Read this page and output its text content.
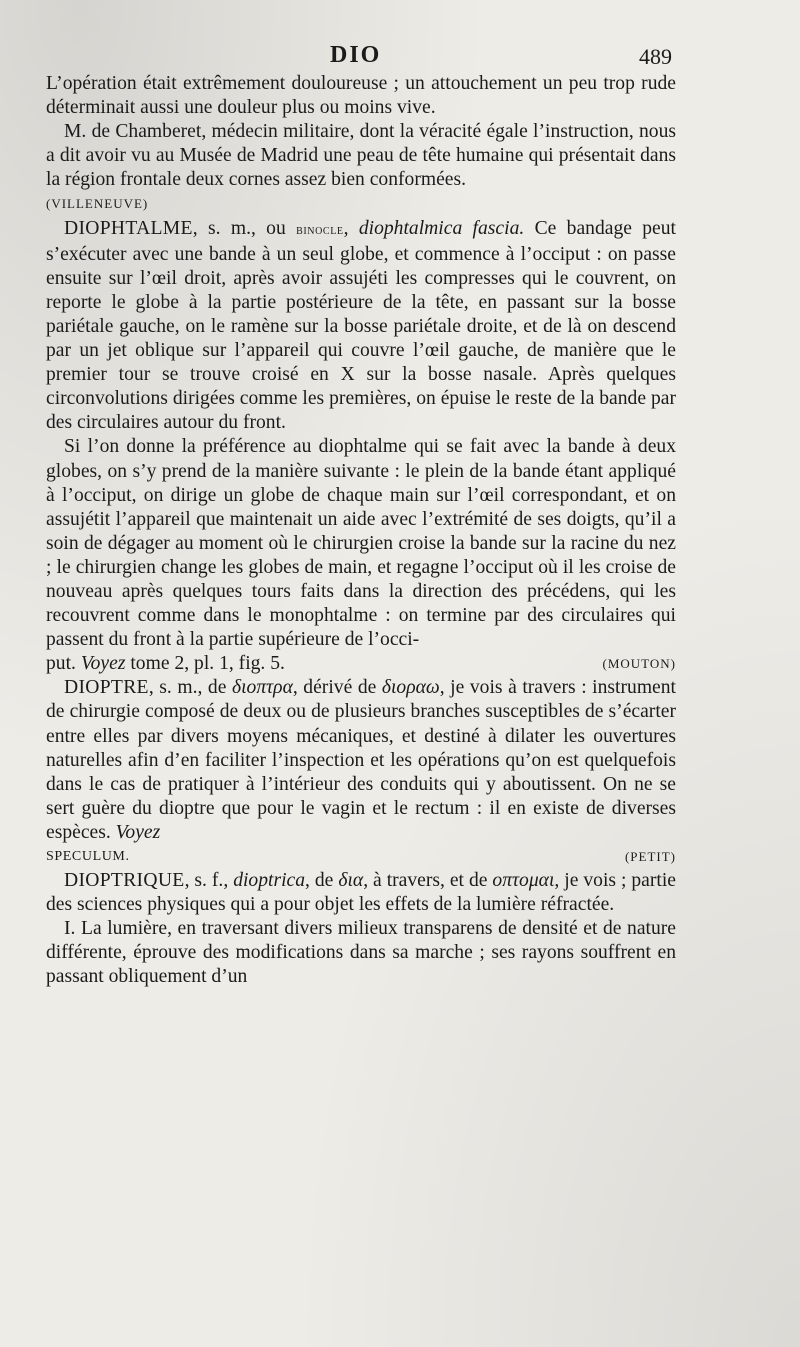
DIO	489

L’opération était extrêmement douloureuse ; un attouchement un peu trop rude déterminait aussi une douleur plus ou moins vive.

M. de Chamberet, médecin militaire, dont la véracité égale l’instruction, nous a dit avoir vu au Musée de Madrid une peau de tête humaine qui présentait dans la région frontale deux cornes assez bien conformées.

(VILLENEUVE)

DIOPHTALME, s. m., ou binocle, diophtalmica fascia. Ce bandage peut s’exécuter avec une bande à un seul globe, et commence à l’occiput : on passe ensuite sur l’œil droit, après avoir assujéti les compresses qui le couvrent, on reporte le globe à la partie postérieure de la tête, en passant sur la bosse pariétale gauche, on le ramène sur la bosse pariétale droite, et de là on descend par un jet oblique sur l’appareil qui couvre l’œil gauche, de manière que le premier tour se trouve croisé en X sur la bosse nasale. Après quelques circonvolutions dirigées comme les premières, on épuise le reste de la bande par des circulaires autour du front.

Si l’on donne la préférence au diophtalme qui se fait avec la bande à deux globes, on s’y prend de la manière suivante : le plein de la bande étant appliqué à l’occiput, on dirige un globe de chaque main sur l’œil correspondant, et on assujétit l’appareil que maintenait un aide avec l’extrémité de ses doigts, qu’il a soin de dégager au moment où le chirurgien croise la bande sur la racine du nez ; le chirurgien change les globes de main, et regagne l’occiput où il les croise de nouveau après quelques tours faits dans la direction des précédens, qui les recouvrent comme dans le monophtalme : on termine par des circulaires qui passent du front à la partie supérieure de l’occi-

put. Voyez tome 2, pl. 1, fig. 5.	(MOUTON)

DIOPTRE, s. m., de διοπτρα, dérivé de διοραω, je vois à travers : instrument de chirurgie composé de deux ou de plusieurs branches susceptibles de s’écarter entre elles par divers moyens mécaniques, et destiné à dilater les ouvertures naturelles afin d’en faciliter l’inspection et les opérations qu’on est quelquefois dans le cas de pratiquer à l’intérieur des conduits qui y aboutissent. On ne se sert guère du dioptre que pour le vagin et le rectum : il en existe de diverses espèces. Voyez

SPECULUM.	(PETIT)

DIOPTRIQUE, s. f., dioptrica, de δια, à travers, et de οπτομαι, je vois ; partie des sciences physiques qui a pour objet les effets de la lumière réfractée.

I. La lumière, en traversant divers milieux transparens de densité et de nature différente, éprouve des modifications dans sa marche ; ses rayons souffrent en passant obliquement d’un
